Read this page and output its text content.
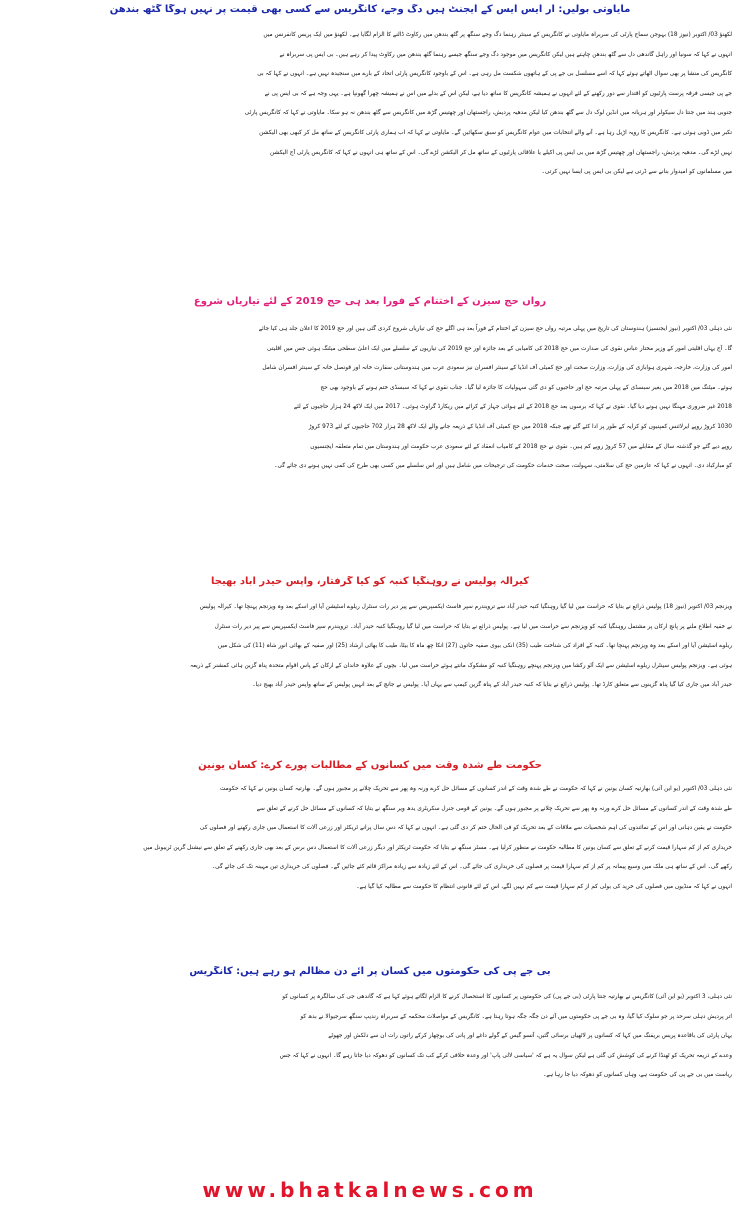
مایاوتی بولیں: آر ایس ایس کے ایجنٹ ہیں دگ وجے، کانگریس سے کسی بھی قیمت پر نہیں ہوگا گٹھ بندھن

لکھنؤ 03/ اکتوبر (نیوز 18) بہوجن سماج پارٹی کی سربراہ مایاوتی نے کانگریس کے سینئر رہنما دگ وجے سنگھ پر گٹھ بندھن میں رکاوٹ ڈالنے کا الزام لگایا ہے۔ لکھنؤ میں ایک پریس کانفرنس میں
انہوں نے کہا کہ سونیا اور راہل گاندھی دل سے گٹھ بندھن چاہتے ہیں لیکن کانگریس میں موجود دگ وجے سنگھ جیسے رہنما گٹھ بندھن میں رکاوٹ پیدا کر رہے ہیں۔ بی ایس پی سربراہ نے
کانگریس کی منشا پر بھی سوال اٹھاتے ہوئے کہا کہ اسے مسلسل بی جے پی کے ہاتھوں شکست مل رہی ہے۔ اس کے باوجود کانگریس پارٹی اتحاد کے بارے میں سنجیدہ نہیں ہے۔ انہوں نے کہا کہ بی
جے پی جیسی فرقہ پرست پارٹیوں کو اقتدار سے دور رکھنے کے لئے انہوں نے ہمیشہ کانگریس کا ساتھ دیا ہے، لیکن اس کے بدلے میں اس نے ہمیشہ چھرا گھونپا ہے۔ یہی وجہ ہے کہ بی ایس پی نے
جنوبی ہند میں جنتا دل سیکولر اور ہریانہ میں انڈین لوک دل سے گٹھ بندھن کیا لیکن مدھیہ پردیش، راجستھان اور چھتیس گڑھ میں کانگریس سے گٹھ بندھن نہ ہو سکا۔ مایاوتی نے کہا کہ کانگریس پارٹی
تکبر میں ڈوبی ہوئی ہے۔ کانگریس کا رویہ اڑیل رہا ہے۔ آنے والے انتخابات میں عوام کانگریس کو سبق سکھائیں گے۔ مایاوتی نے کہا کہ اب ہماری پارٹی کانگریس کے ساتھ مل کر کبھی بھی الیکشن
نہیں لڑے گی۔ مدھیہ پردیش، راجستھان اور چھتیس گڑھ میں بی ایس پی اکیلے یا علاقائی پارٹیوں کے ساتھ مل کر الیکشن لڑے گی۔ اس کے ساتھ ہی انہوں نے کہا کہ کانگریس پارٹی آج الیکشن
میں مسلمانوں کو امیدوار بنانے سے ڈرتی ہے لیکن بی ایس پی ایسا نہیں کرتی۔

رواں حج سیزن کے اختتام کے فوراً بعد ہی حج 2019 کے لئے تیاریاں شروع

نئی دہلی 03/ اکتوبر (نیوز ایجنسیز) ہندوستان کی تاریخ میں پہلی مرتبہ رواں حج سیزن کے اختتام کے فوراً بعد ہی اگلے حج کی تیاریاں شروع کردی گئی ہیں اور حج 2019 کا اعلان جلد ہی کیا جائے
گا۔ آج یہاں اقلیتی امور کے وزیر مختار عباس نقوی کی صدارت میں حج 2018 کی کامیابی کے بعد جائزہ اور حج 2019 کی تیاریوں کے سلسلے میں ایک اعلیٰ سطحی میٹنگ ہوئی جس میں اقلیتی
امور کی وزارت، خارجہ، شہری ہوابازی کی وزارت، وزارت صحت اور حج کمیٹی آف انڈیا کے سینئر افسران نیز سعودی عرب میں ہندوستانی سفارت خانہ اور قونصل خانہ کے سینئر افسران شامل
ہوئے۔ میٹنگ میں 2018 میں بغیر سبسڈی کے پہلی مرتبہ حج اور حاجیوں کو دی گئی سہولیات کا جائزہ لیا گیا۔ جناب نقوی نے کہا کہ سبسڈی ختم ہونے کے باوجود بھی حج
2018 غیر ضروری مہنگا نہیں ہونے دیا گیا۔ نقوی نے کہا کہ برسوں بعد حج 2018 کے لئے ہوائی جہاز کے کرائے میں ریکارڈ گراوٹ ہوئی۔ 2017 میں ایک لاکھ 24 ہزار حاجیوں کے لئے
1030 کروڑ روپے ایرلائنس کمپنیوں کو کرایہ کے طور پر ادا کئے گئے تھے جبکہ 2018 میں حج کمیٹی آف انڈیا کے ذریعہ جانے والے ایک لاکھ 28 ہزار 702 حاجیوں کے لئے 973 کروڑ
روپے دیے گئے جو گذشتہ سال کے مقابلے میں 57 کروڑ روپے کم ہیں۔ نقوی نے حج 2018 کے کامیاب انعقاد کے لئے سعودی عرب حکومت اور ہندوستان میں تمام متعلقہ ایجنسیوں
کو مبارکباد دی۔ انہوں نے کہا کہ عازمین حج کی سلامتی، سہولت، صحت خدمات حکومت کی ترجیحات میں شامل ہیں اور اس سلسلے میں کسی بھی طرح کی کمی نہیں ہونے دی جائے گی۔

کیرالہ پولیس نے روہنگیا کنبہ کو کیا گرفتار، واپس حیدر آباد بھیجا

ویزنجم 03/ اکتوبر (نیوز 18) پولیس ذرائع نے بتایا کہ حراست میں لیا گیا روہنگیا کنبہ حیدر آباد سے ترویندرم سپر فاسٹ ایکسپریس سے پیر دیر رات سنٹرل ریلوے اسٹیشن آیا اور اسکے بعد وہ ویزنجم پہنچا تھا۔ کیرالہ پولیس
نے خفیہ اطلاع ملنے پر پانچ ارکان پر مشتمل روہنگیا کنبہ کو ویزنجم سے حراست میں لیا ہے۔ پولیس ذرائع نے بتایا کہ حراست میں لیا گیا روہنگیا کنبہ حیدر آباد۔ ترویندرم سپر فاسٹ ایکسپریس سے پیر دیر رات سنٹرل
ریلوے اسٹیشن آیا اور اسکے بعد وہ ویزنجم پہنچا تھا۔ کنبہ کے افراد کی شناخت طیب (35) انکی بیوی صفیہ خاتون (27) انکا چھ ماہ کا بیٹا، طیب کا بھائی ارشاد (25) اور صفیہ کے بھائی انور شاہ (11) کی شکل میں
ہوئی ہے۔ ویزنجم پولیس سینٹرل ریلوے اسٹیشن سے ایک آٹو رکشا میں ویزنجم پہنچے روہنگیا کنبہ کو مشکوک مانتے ہوئے حراست میں لیا۔ بچوں کے علاوہ خاندان کے ارکان کے پاس اقوام متحدہ پناہ گزین ہائی کمشنر کے ذریعہ
حیدر آباد میں جاری کیا گیا پناہ گزینوں سے متعلق کارڈ تھا۔ پولیس ذرائع نے بتایا کہ کنبہ حیدر آباد کے پناہ گزین کیمپ سے یہاں آیا۔ پولیس نے جانچ کے بعد انہیں پولیس کے ساتھ واپس حیدر آباد بھیج دیا۔

حکومت طے شدہ وقت میں کسانوں کے مطالبات پورے کرے: کسان یونین

نئی دہلی 03/ اکتوبر (یو این آئی) بھارتیہ کسان یونین نے کہا کہ حکومت نے طے شدہ وقت کے اندر کسانوں کے مسائل حل کرے ورنہ وہ پھر سے تحریک چلانے پر مجبور ہوں گے۔ بھارتیہ کسان یونین نے کہا کہ حکومت
طے شدہ وقت کے اندر کسانوں کے مسائل حل کرے ورنہ وہ پھر سے تحریک چلانے پر مجبور ہوں گے۔ یونین کے قومی جنرل سکریٹری یدھ ویر سنگھ نے بتایا کہ کسانوں کے مسائل حل کرنے کے تعلق سے
حکومت نے یقین دہانی اور اس کے نمائندوں کی اہم شخصیات سے ملاقات کے بعد تحریک کو فی الحال ختم کر دی گئی ہے۔ انہوں نے کہا کہ دس سال پرانے ٹریکٹر اور زرعی آلات کا استعمال میں جاری رکھنے اور فصلوں کی
خریداری کم از کم سہارا قیمت کرنے کے تعلق سے کسان یونین کا مطالبہ حکومت نے منظور کرلیا ہے۔ مسٹر سنگھ نے بتایا کہ حکومت ٹریکٹر اور دیگر زرعی آلات کا استعمال دس برس کے بعد بھی جاری رکھنے کے تعلق سے نیشنل گرین ٹریبونل میں
رکھے گی۔ اس کے ساتھ ہی ملک میں وسیع پیمانہ پر کم از کم سہارا قیمت پر فصلوں کی خریداری کی جائے گی۔ اس کے لئے زیادہ سے زیادہ مراکز قائم کئے جائیں گے۔ فصلوں کی خریداری تین مہینہ تک کی جائے گی۔
انہوں نے کہا کہ منڈیوں میں فصلوں کی خرید کی بولی کم از کم سہارا قیمت سے کم نہیں لگے، اس کے لئے قانونی انتظام کا حکومت سے مطالبہ کیا گیا ہے۔

بی جے پی کی حکومتوں میں کسان پر آئے دن مظالم ہو رہے ہیں: کانگریس

نئی دہلی، 3 اکتوبر (یو این آئی) کانگریس نے بھارتیہ جنتا پارٹی (بی جے پی) کی حکومتوں پر کسانوں کا استحصال کرنے کا الزام لگاتے ہوئے کہا ہے کہ گاندھی جی کی سالگرہ پر کسانوں کو
اتر پردیش دہلی سرحد پر جو سلوک کیا گیا، وہ بی جے پی حکومتوں میں آئے دن جگہ جگہ ہوتا رہتا ہے۔ کانگریس کے مواصلات محکمہ کے سربراہ رندیپ سنگھ سرجیوالا نے بدھ کو
یہاں پارٹی کی باقاعدہ پریس بریفنگ میں کہا کہ کسانوں پر لاٹھیاں برسائی گئیں، آنسو گیس کے گولے داغے اور پانی کی بوچھار کرکے راتوں رات ان سے دلکش اور جھوٹے
وعدے کے ذریعہ تحریک کو ٹھنڈا کرنے کی کوشش کی گئی ہے لیکن سوال یہ ہے کہ 'سیاسی لالی پاپ' اور وعدہ خلافی کرکے کب تک کسانوں کو دھوکہ دیا جاتا رہے گا۔ انہوں نے کہا کہ جس
ریاست میں بی جے پی کی حکومت ہے، وہاں کسانوں کو دھوکہ دیا جا رہا ہے۔

www.bhatkalnews.com
